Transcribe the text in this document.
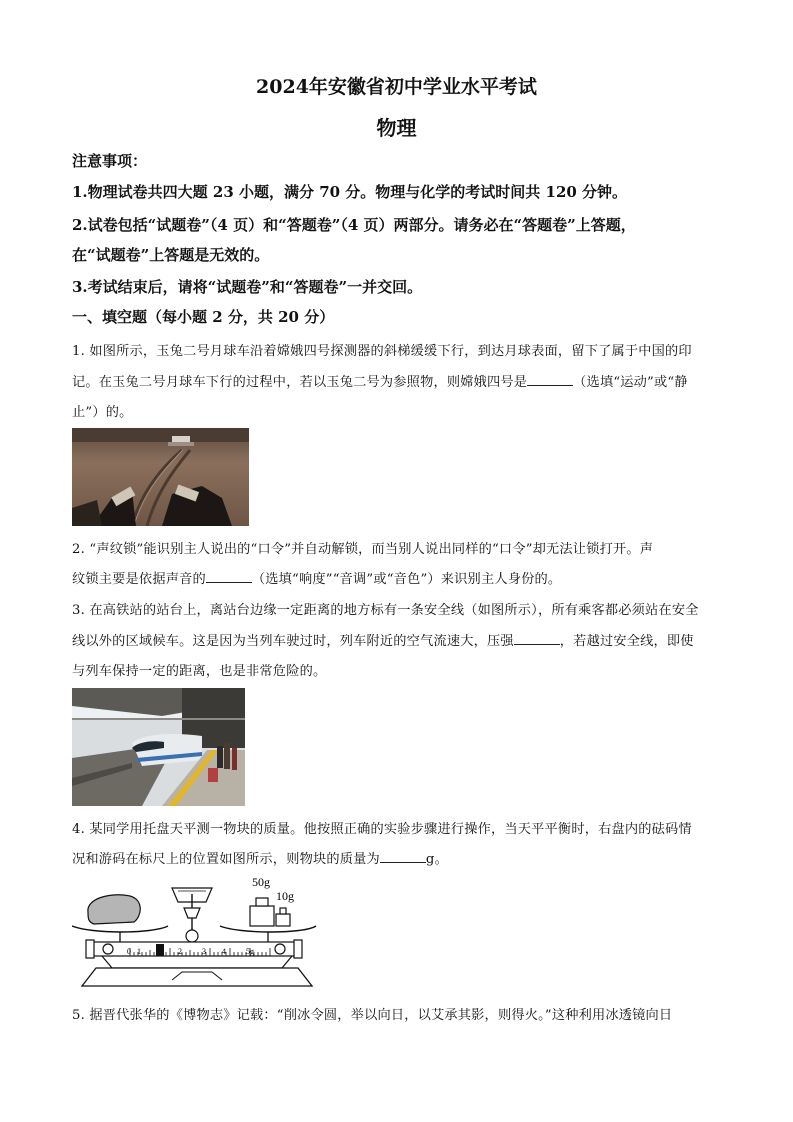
2024年安徽省初中学业水平考试
物理
注意事项：
1.物理试卷共四大题 23 小题，满分 70 分。物理与化学的考试时间共 120 分钟。
2.试卷包括“试题卷”（4 页）和“答题卷”（4 页）两部分。请务必在“答题卷”上答题，
在“试题卷”上答题是无效的。
3.考试结束后，请将“试题卷”和“答题卷”一并交回。
一、填空题（每小题 2 分，共 20 分）
1. 如图所示，玉兔二号月球车沿着嫦娥四号探测器的斜梯缓缓下行，到达月球表面，留下了属于中国的印
记。在玉兔二号月球车下行的过程中，若以玉兔二号为参照物，则嫦娥四号是	（选填“运动”或“静
止”）的。
2. “声纹锁”能识别主人说出的“口令”并自动解锁，而当别人说出同样的“口令”却无法让锁打开。声
纹锁主要是依据声音的	（选填“响度”“音调”或“音色”）来识别主人身份的。
3. 在高铁站的站台上，离站台边缘一定距离的地方标有一条安全线（如图所示），所有乘客都必须站在安全
线以外的区域候车。这是因为当列车驶过时，列车附近的空气流速大，压强	，若越过安全线，即使
与列车保持一定的距离，也是非常危险的。
4. 某同学用托盘天平测一物块的质量。他按照正确的实验步骤进行操作，当天平平衡时，右盘内的砝码情
况和游码在标尺上的位置如图所示，则物块的质量为	g。
50g
10g
0 1	2	3 4	5g
5. 据晋代张华的《博物志》记载：“削冰令圆，举以向日，以艾承其影，则得火。”这种利用冰透镜向日
